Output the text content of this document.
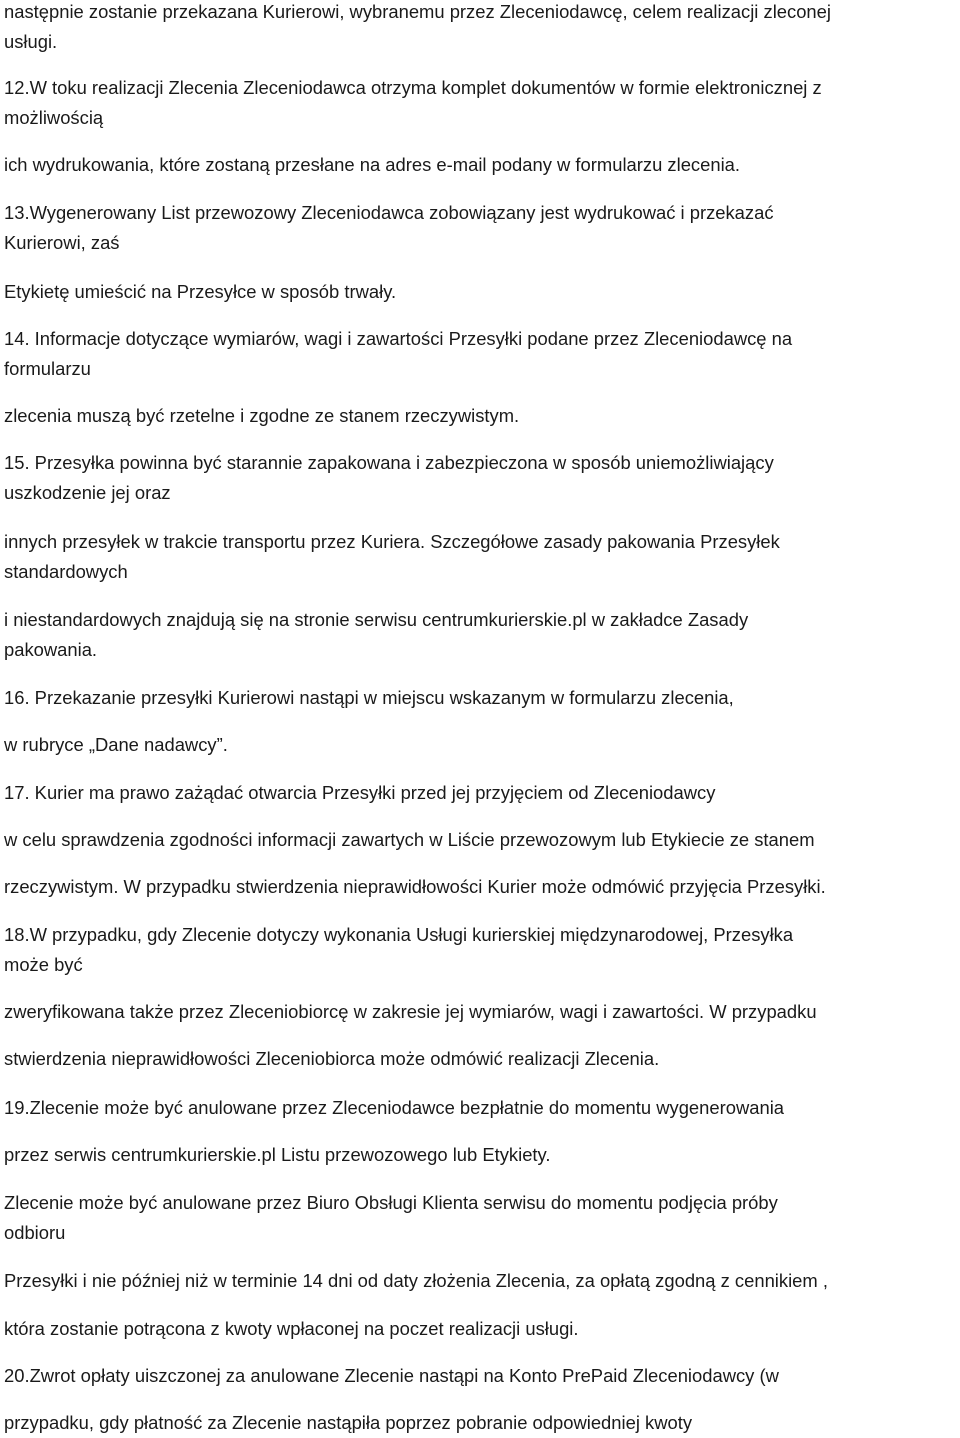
następnie zostanie przekazana Kurierowi, wybranemu przez Zleceniodawcę, celem realizacji zleconej
usługi.
12.W toku realizacji Zlecenia Zleceniodawca otrzyma komplet dokumentów w formie elektronicznej z
możliwością
ich wydrukowania, które zostaną przesłane na adres e-mail podany w formularzu zlecenia.
13.Wygenerowany List przewozowy Zleceniodawca zobowiązany jest wydrukować i przekazać
Kurierowi, zaś
Etykietę umieścić na Przesyłce w sposób trwały.
14. Informacje dotyczące wymiarów, wagi i zawartości Przesyłki podane przez Zleceniodawcę na
formularzu
zlecenia muszą być rzetelne i zgodne ze stanem rzeczywistym.
15. Przesyłka powinna być starannie zapakowana i zabezpieczona w sposób uniemożliwiający
uszkodzenie jej oraz
innych przesyłek w trakcie transportu przez Kuriera. Szczegółowe zasady pakowania Przesyłek
standardowych
i niestandardowych znajdują się na stronie serwisu centrumkurierskie.pl w zakładce Zasady
pakowania.
16. Przekazanie przesyłki Kurierowi nastąpi w miejscu wskazanym w formularzu zlecenia,
w rubryce „Dane nadawcy”.
17. Kurier ma prawo zażądać otwarcia Przesyłki przed jej przyjęciem od Zleceniodawcy
w celu sprawdzenia zgodności informacji zawartych w Liście przewozowym lub Etykiecie ze stanem
rzeczywistym. W przypadku stwierdzenia nieprawidłowości Kurier może odmówić przyjęcia Przesyłki.
18.W przypadku, gdy Zlecenie dotyczy wykonania Usługi kurierskiej międzynarodowej, Przesyłka
może być
zweryfikowana także przez Zleceniobiorcę w zakresie jej wymiarów, wagi i zawartości. W przypadku
stwierdzenia nieprawidłowości Zleceniobiorca może odmówić realizacji Zlecenia.
19.Zlecenie może być anulowane przez Zleceniodawce bezpłatnie do momentu wygenerowania
przez serwis centrumkurierskie.pl Listu przewozowego lub Etykiety.
Zlecenie może być anulowane przez Biuro Obsługi Klienta serwisu do momentu podjęcia próby
odbioru
Przesyłki i nie później niż w terminie 14 dni od daty złożenia Zlecenia, za opłatą zgodną z cennikiem ,
która zostanie potrącona z kwoty wpłaconej na poczet realizacji usługi.
20.Zwrot opłaty uiszczonej za anulowane Zlecenie nastąpi na Konto PrePaid Zleceniodawcy (w
przypadku, gdy płatność za Zlecenie nastąpiła poprzez pobranie odpowiedniej kwoty
